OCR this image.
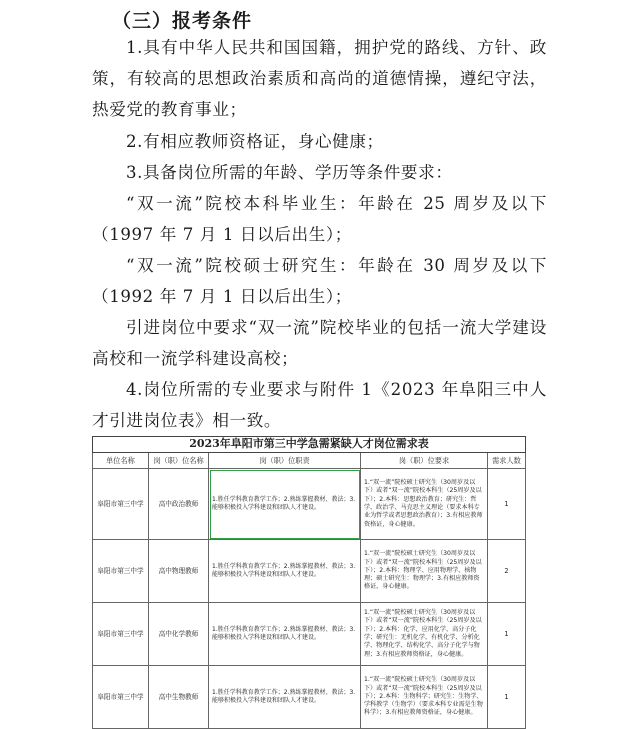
（三）报考条件

1.具有中华人民共和国国籍，拥护党的路线、方针、政策，有较高的思想政治素质和高尚的道德情操，遵纪守法，热爱党的教育事业；

2.有相应教师资格证，身心健康；

3.具备岗位所需的年龄、学历等条件要求：

“双一流”院校本科毕业生：年龄在 25 周岁及以下（1997 年 7 月 1 日以后出生）；

“双一流”院校硕士研究生：年龄在 30 周岁及以下（1992 年 7 月 1 日以后出生）；

引进岗位中要求“双一流”院校毕业的包括一流大学建设高校和一流学科建设高校；

4.岗位所需的专业要求与附件 1《2023 年阜阳三中人才引进岗位表》相一致。

2023年阜阳市第三中学急需紧缺人才岗位需求表				
单位名称	岗（职）位名称	岗（职）位职责	岗（职）位要求	需求人数
阜阳市第三中学	高中政治教师	1.胜任学科教育教学工作；2.熟练掌握教材、教法；3.能够积极投入学科建设和团队人才建设。	1.“双一流”院校硕士研究生（30周岁及以下）或者“双一流”院校本科生（25周岁及以下）；2.本科：思想政治教育；研究生：哲学、政治学、马克思主义理论（要求本科专业为哲学或者思想政治教育）；3.有相应教师资格证，身心健康。	1
阜阳市第三中学	高中物理教师	1.胜任学科教育教学工作；2.熟练掌握教材、教法；3.能够积极投入学科建设和团队人才建设。	1.“双一流”院校硕士研究生（30周岁及以下）或者“双一流”院校本科生（25周岁及以下）；2.本科：物理学、应用物理学、核物理；硕士研究生：物理学；3.有相应教师资格证，身心健康。	2
阜阳市第三中学	高中化学教师	1.胜任学科教育教学工作；2.熟练掌握教材、教法；3.能够积极投入学科建设和团队人才建设。	1.“双一流”院校硕士研究生（30周岁及以下）或者“双一流”院校本科生（25周岁及以下）；2.本科：化学、应用化学、高分子化学；研究生：无机化学、有机化学、分析化学、物理化学、结构化学、高分子化学与物理；3.有相应教师资格证，身心健康。	1
阜阳市第三中学	高中生物教师	1.胜任学科教育教学工作；2.熟练掌握教材、教法；3.能够积极投入学科建设和团队人才建设。	1.“双一流”院校硕士研究生（30周岁及以下）或者“双一流”院校本科生（25周岁及以下）；2.本科：生物科学；研究生：生物学、学科教学（生物学）（要求本科专业需是生物科学）；3.有相应教师资格证，身心健康。	1
